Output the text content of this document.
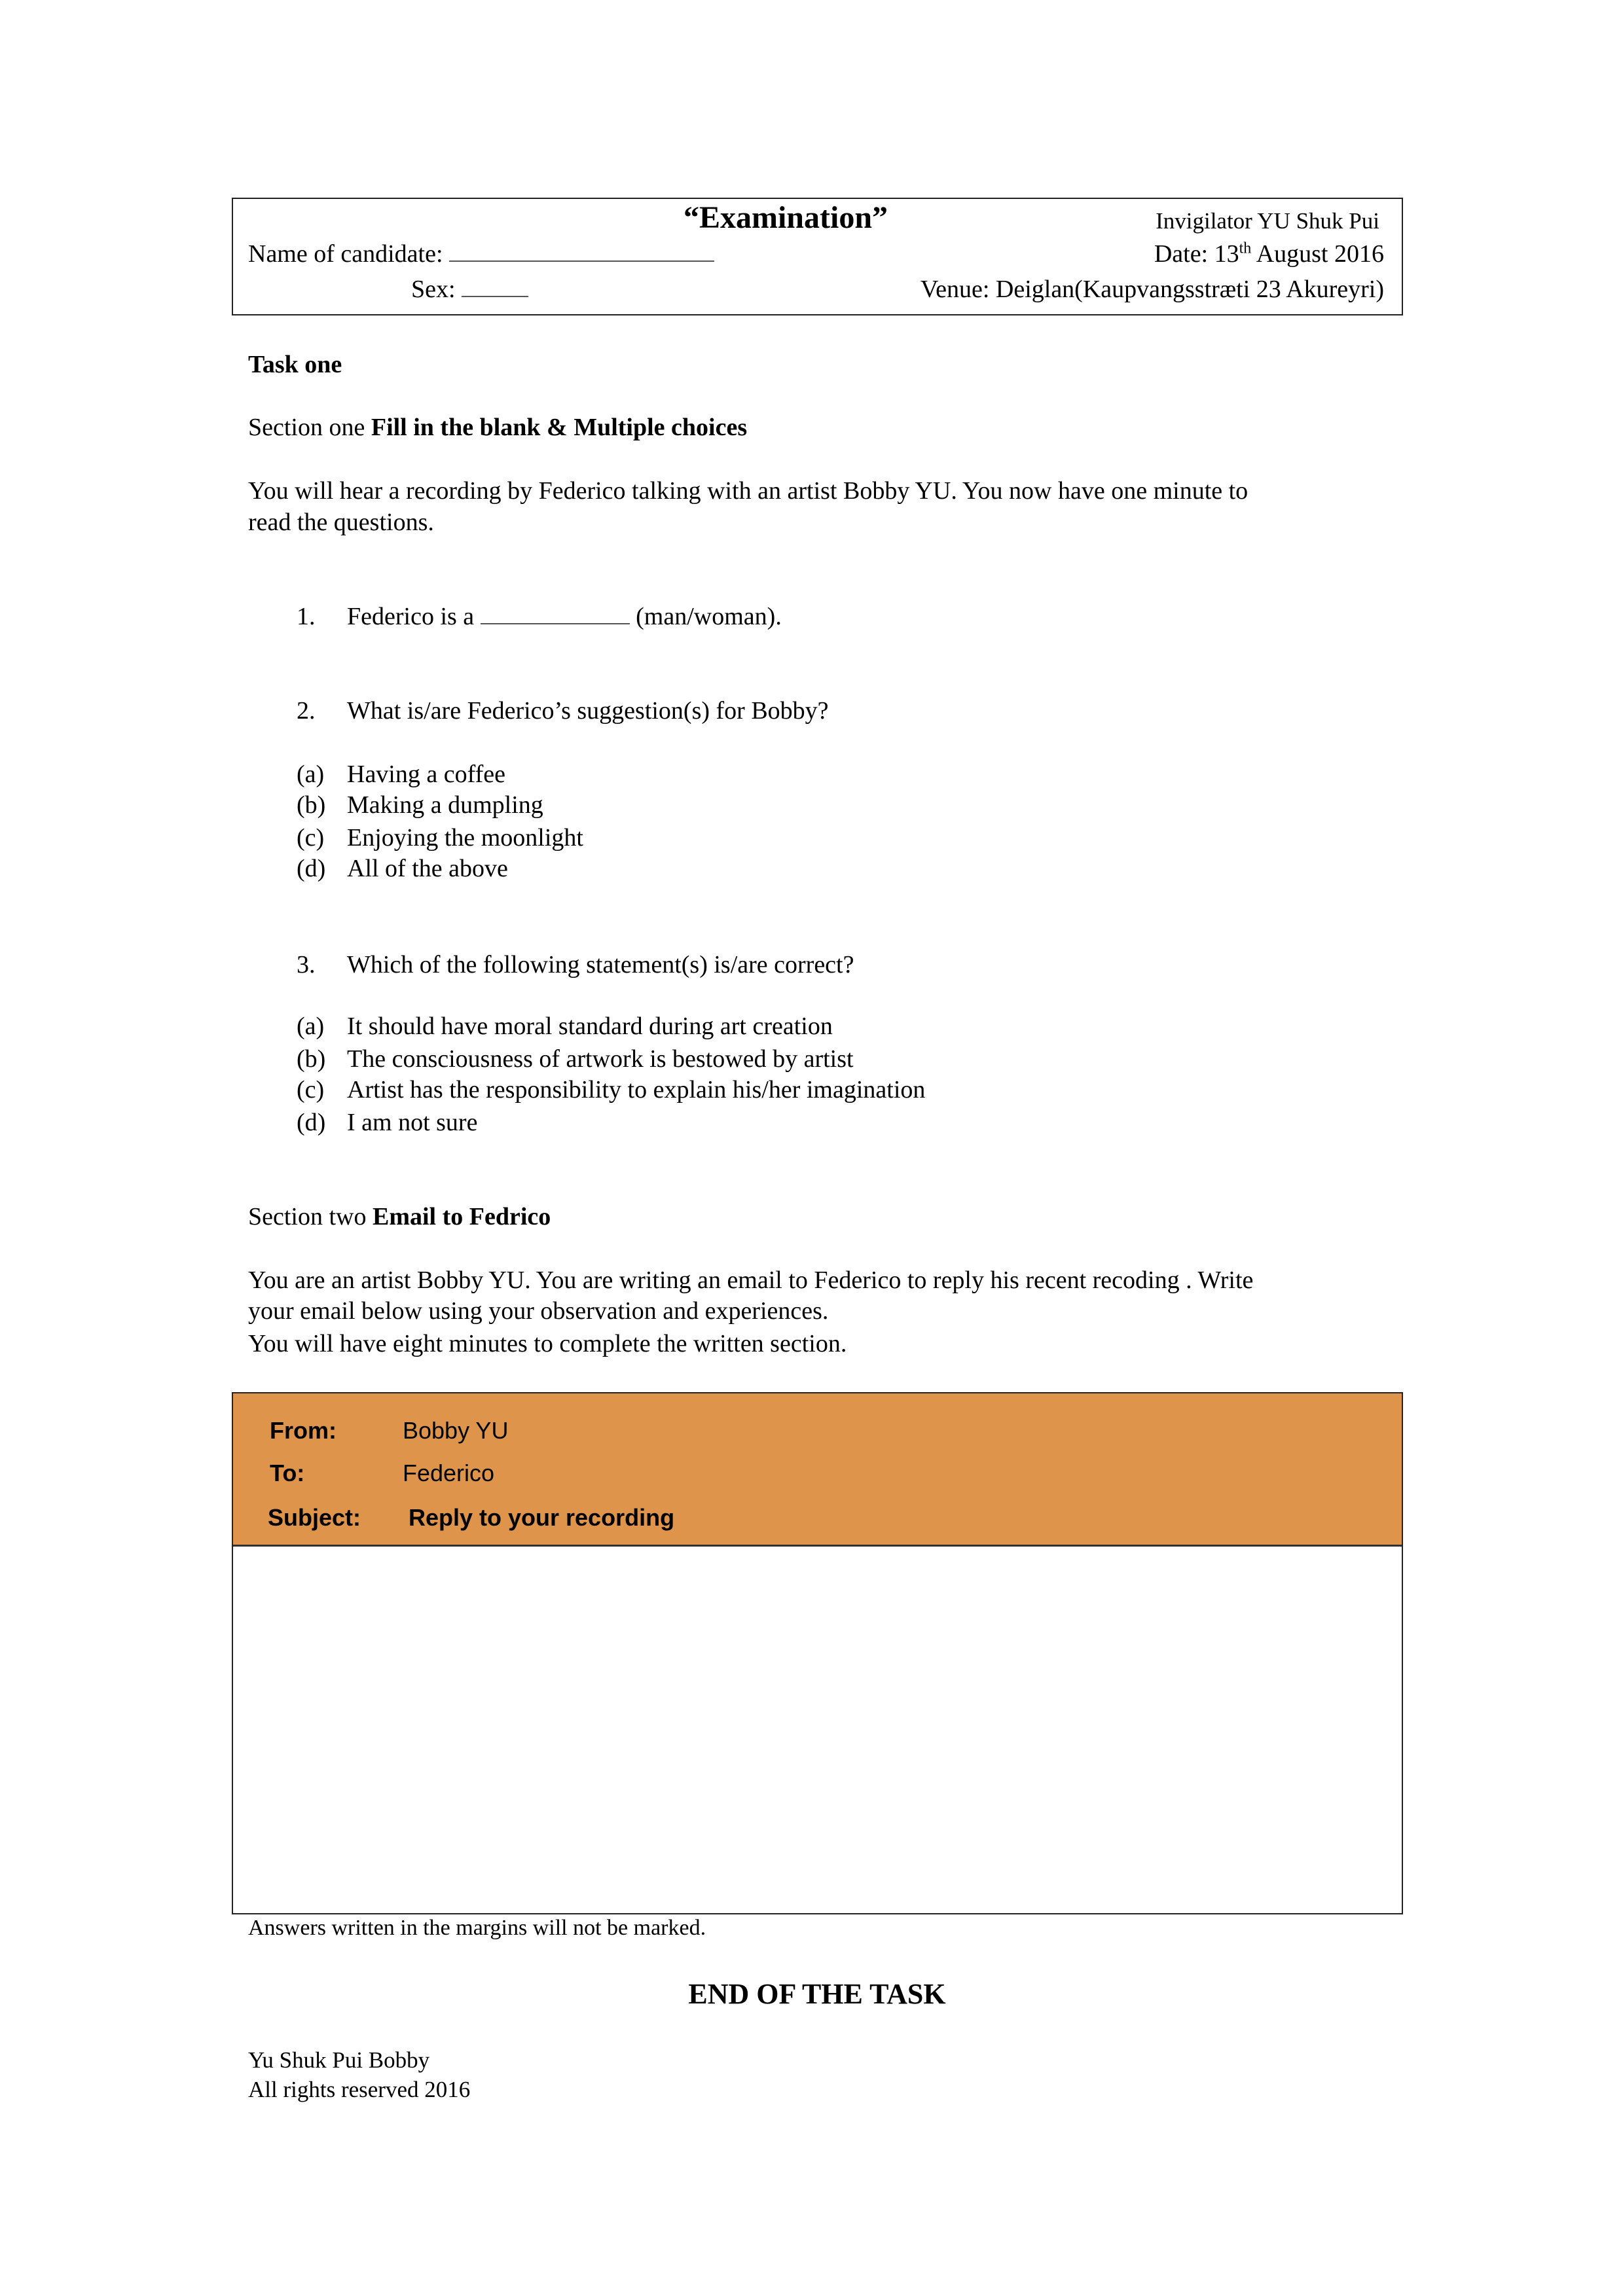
“Examination”	Invigilator YU Shuk Pui
Name of candidate:	Date: 13th August 2016
Sex:	Venue: Deiglan(Kaupvangsstræti 23 Akureyri)
Task one
Section one Fill in the blank & Multiple choices
You will hear a recording by Federico talking with an artist Bobby YU. You now have one minute to
read the questions.
1. Federico is a	(man/woman).
2. What is/are Federico’s suggestion(s) for Bobby?
(a) Having a coffee
(b) Making a dumpling
(c) Enjoying the moonlight
(d) All of the above
3. Which of the following statement(s) is/are correct?
(a) It should have moral standard during art creation
(b) The consciousness of artwork is bestowed by artist
(c) Artist has the responsibility to explain his/her imagination
(d) I am not sure
Section two Email to Fedrico
You are an artist Bobby YU. You are writing an email to Federico to reply his recent recoding . Write
your email below using your observation and experiences.
You will have eight minutes to complete the written section.
From:	Bobby YU
To:	Federico
Subject: Reply to your recording
Answers written in the margins will not be marked.
END OF THE TASK
Yu Shuk Pui Bobby
All rights reserved 2016
